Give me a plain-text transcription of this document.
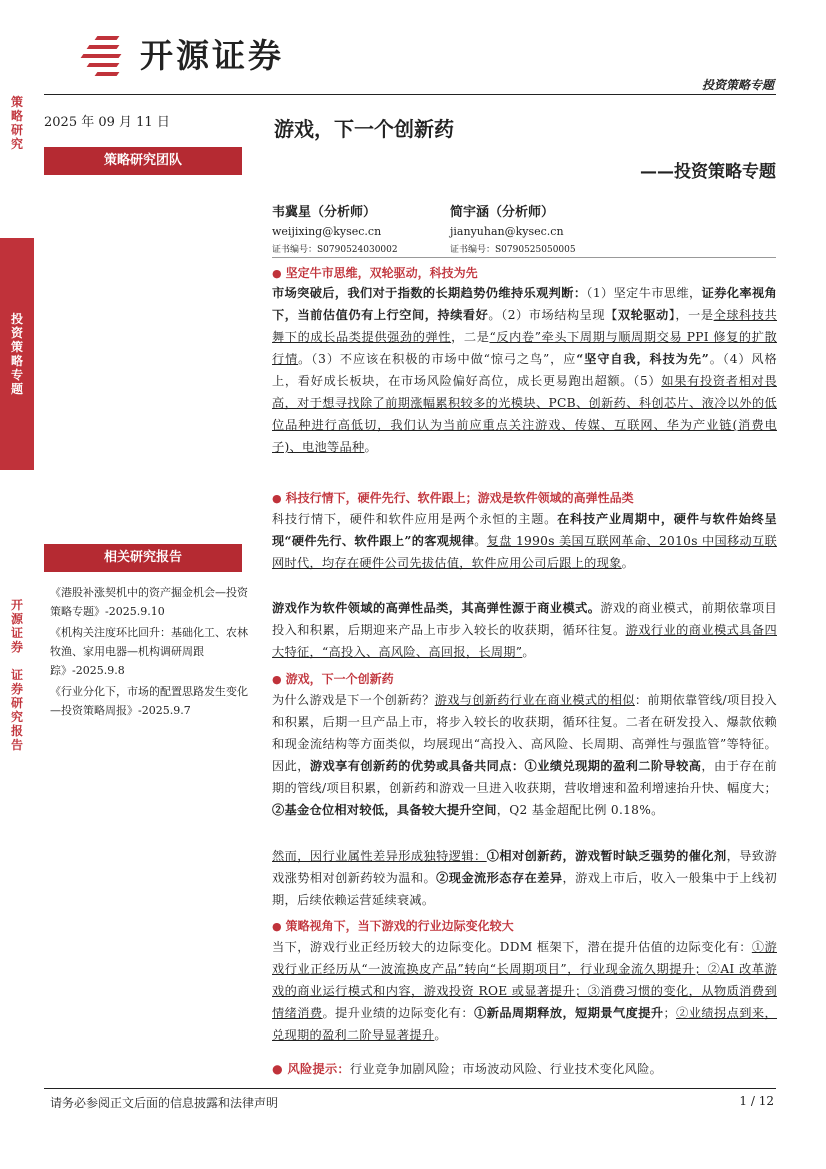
开源证券
投资策略专题
策
略
研
究
投
资
策
略
专
题
开
源
证
券

证
券
研
究
报
告
2025 年 09 月 11 日	游戏，下一个创新药
——投资策略专题
策略研究团队
韦冀星（分析师）
weijixing@kysec.cn
证书编号：S0790524030002
简宇涵（分析师）
jianyuhan@kysec.cn
证书编号：S0790525050005
相关研究报告

《港股补涨契机中的资产掘金机会—投资策略专题》-2025.9.10

《机构关注度环比回升：基础化工、农林牧渔、家用电器—机构调研周跟踪》-2025.9.8

《行业分化下，市场的配置思路发生变化—投资策略周报》-2025.9.7

● 坚定牛市思维，双轮驱动，科技为先
市场突破后，我们对于指数的长期趋势仍维持乐观判断：（1）坚定牛市思维，证券化率视角下，当前估值仍有上行空间，持续看好。（2）市场结构呈现【双轮驱动】，一是全球科技共舞下的成长品类提供强劲的弹性，二是“反内卷”牵头下周期与顺周期交易 PPI 修复的扩散行情。（3）不应该在积极的市场中做“惊弓之鸟”，应“坚守自我，科技为先”。（4）风格上，看好成长板块，在市场风险偏好高位，成长更易跑出超额。（5）如果有投资者相对畏高，对于想寻找除了前期涨幅累积较多的光模块、PCB、创新药、科创芯片、液冷以外的低位品种进行高低切，我们认为当前应重点关注游戏、传媒、互联网、华为产业链(消费电子)、电池等品种。
● 科技行情下，硬件先行、软件跟上；游戏是软件领域的高弹性品类
科技行情下，硬件和软件应用是两个永恒的主题。在科技产业周期中，硬件与软件始终呈现“硬件先行、软件跟上”的客观规律。复盘 1990s 美国互联网革命、2010s 中国移动互联网时代，均存在硬件公司先拔估值，软件应用公司后跟上的现象。
游戏作为软件领域的高弹性品类，其高弹性源于商业模式。游戏的商业模式，前期依靠项目投入和积累，后期迎来产品上市步入较长的收获期，循环往复。游戏行业的商业模式具备四大特征，“高投入、高风险、高回报，长周期”。
● 游戏，下一个创新药
为什么游戏是下一个创新药？游戏与创新药行业在商业模式的相似：前期依靠管线/项目投入和积累，后期一旦产品上市，将步入较长的收获期，循环往复。二者在研发投入、爆款依赖和现金流结构等方面类似，均展现出“高投入、高风险、长周期、高弹性与强监管”等特征。因此，游戏享有创新药的优势或具备共同点：①业绩兑现期的盈利二阶导较高，由于存在前期的管线/项目积累，创新药和游戏一旦进入收获期，营收增速和盈利增速抬升快、幅度大；②基金仓位相对较低，具备较大提升空间，Q2 基金超配比例 0.18%。
然而，因行业属性差异形成独特逻辑：①相对创新药，游戏暂时缺乏强势的催化剂，导致游戏涨势相对创新药较为温和。②现金流形态存在差异，游戏上市后，收入一般集中于上线初期，后续依赖运营延续衰减。
● 策略视角下，当下游戏的行业边际变化较大
当下，游戏行业正经历较大的边际变化。DDM 框架下，潜在提升估值的边际变化有：①游戏行业正经历从“一波流换皮产品”转向“长周期项目”，行业现金流久期提升；②AI 改革游戏的商业运行模式和内容，游戏投资 ROE 或显著提升；③消费习惯的变化，从物质消费到情绪消费。提升业绩的边际变化有：①新品周期释放，短期景气度提升；②业绩拐点到来，兑现期的盈利二阶导显著提升。
● 风险提示：行业竞争加剧风险；市场波动风险、行业技术变化风险。
请务必参阅正文后面的信息披露和法律声明	1 / 12
